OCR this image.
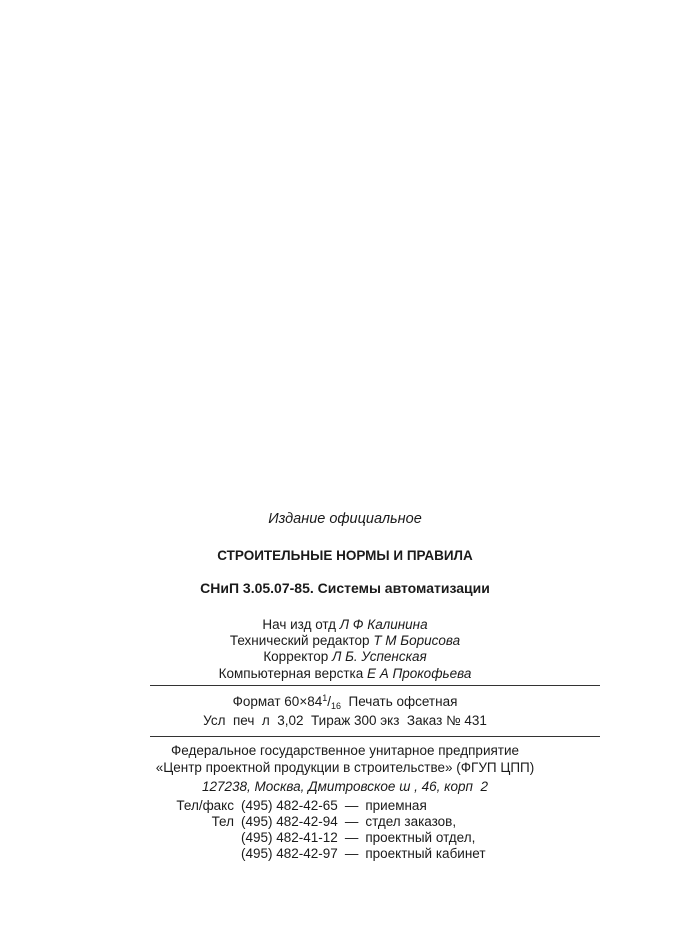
Издание официальное
СТРОИТЕЛЬНЫЕ НОРМЫ И ПРАВИЛА
СНиП 3.05.07-85. Системы автоматизации
Нач изд отд Л Ф Калинина
Технический редактор Т М Борисова
Корректор Л Б. Успенская
Компьютерная верстка Е А Прокофьева
Формат $60\times 84^1/_{16}$ Печать офсетная
Усл  печ  л  3,02  Тираж 300 экз  Заказ № 431
Федеральное государственное унитарное предприятие
«Центр проектной продукции в строительстве» (ФГУП ЦПП)
127238, Москва, Дмитровское ш , 46, корп  2
Тел/факс (495) 482-42-65 — приемная
Тел (495) 482-42-94 — стдел заказов,
(495) 482-41-12 — проектный отдел,
(495) 482-42-97 — проектный кабинет
